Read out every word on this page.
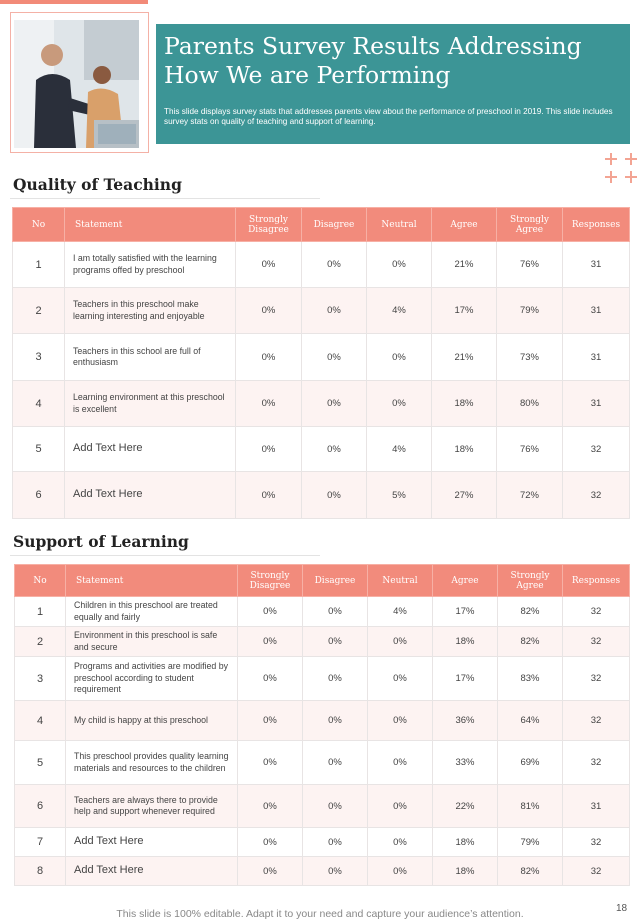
Parents Survey Results Addressing How We are Performing
This slide displays survey stats that addresses parents view about the performance of preschool in 2019. This slide includes survey stats on quality of teaching and support of learning.
Quality of Teaching
No	Statement	Strongly Disagree	Disagree	Neutral	Agree	Strongly Agree	Responses
1	I am totally satisfied with the learning programs offed by preschool	0%	0%	0%	21%	76%	31
2	Teachers in this preschool make learning interesting and enjoyable	0%	0%	4%	17%	79%	31
3	Teachers in this school are full of enthusiasm	0%	0%	0%	21%	73%	31
4	Learning environment at this preschool is excellent	0%	0%	0%	18%	80%	31
5	Add Text Here	0%	0%	4%	18%	76%	32
6	Add Text Here	0%	0%	5%	27%	72%	32
Support of Learning
No	Statement	Strongly Disagree	Disagree	Neutral	Agree	Strongly Agree	Responses
1	Children in this preschool are treated equally and fairly	0%	0%	4%	17%	82%	32
2	Environment in this preschool is safe and secure	0%	0%	0%	18%	82%	32
3	Programs and activities are modified by preschool according to student requirement	0%	0%	0%	17%	83%	32
4	My child is happy at this preschool	0%	0%	0%	36%	64%	32
5	This preschool provides quality learning materials and resources to the children	0%	0%	0%	33%	69%	32
6	Teachers are always there to provide help and support whenever required	0%	0%	0%	22%	81%	31
7	Add Text Here	0%	0%	0%	18%	79%	32
8	Add Text Here	0%	0%	0%	18%	82%	32
This slide is 100% editable. Adapt it to your need and capture your audience’s attention.	18
